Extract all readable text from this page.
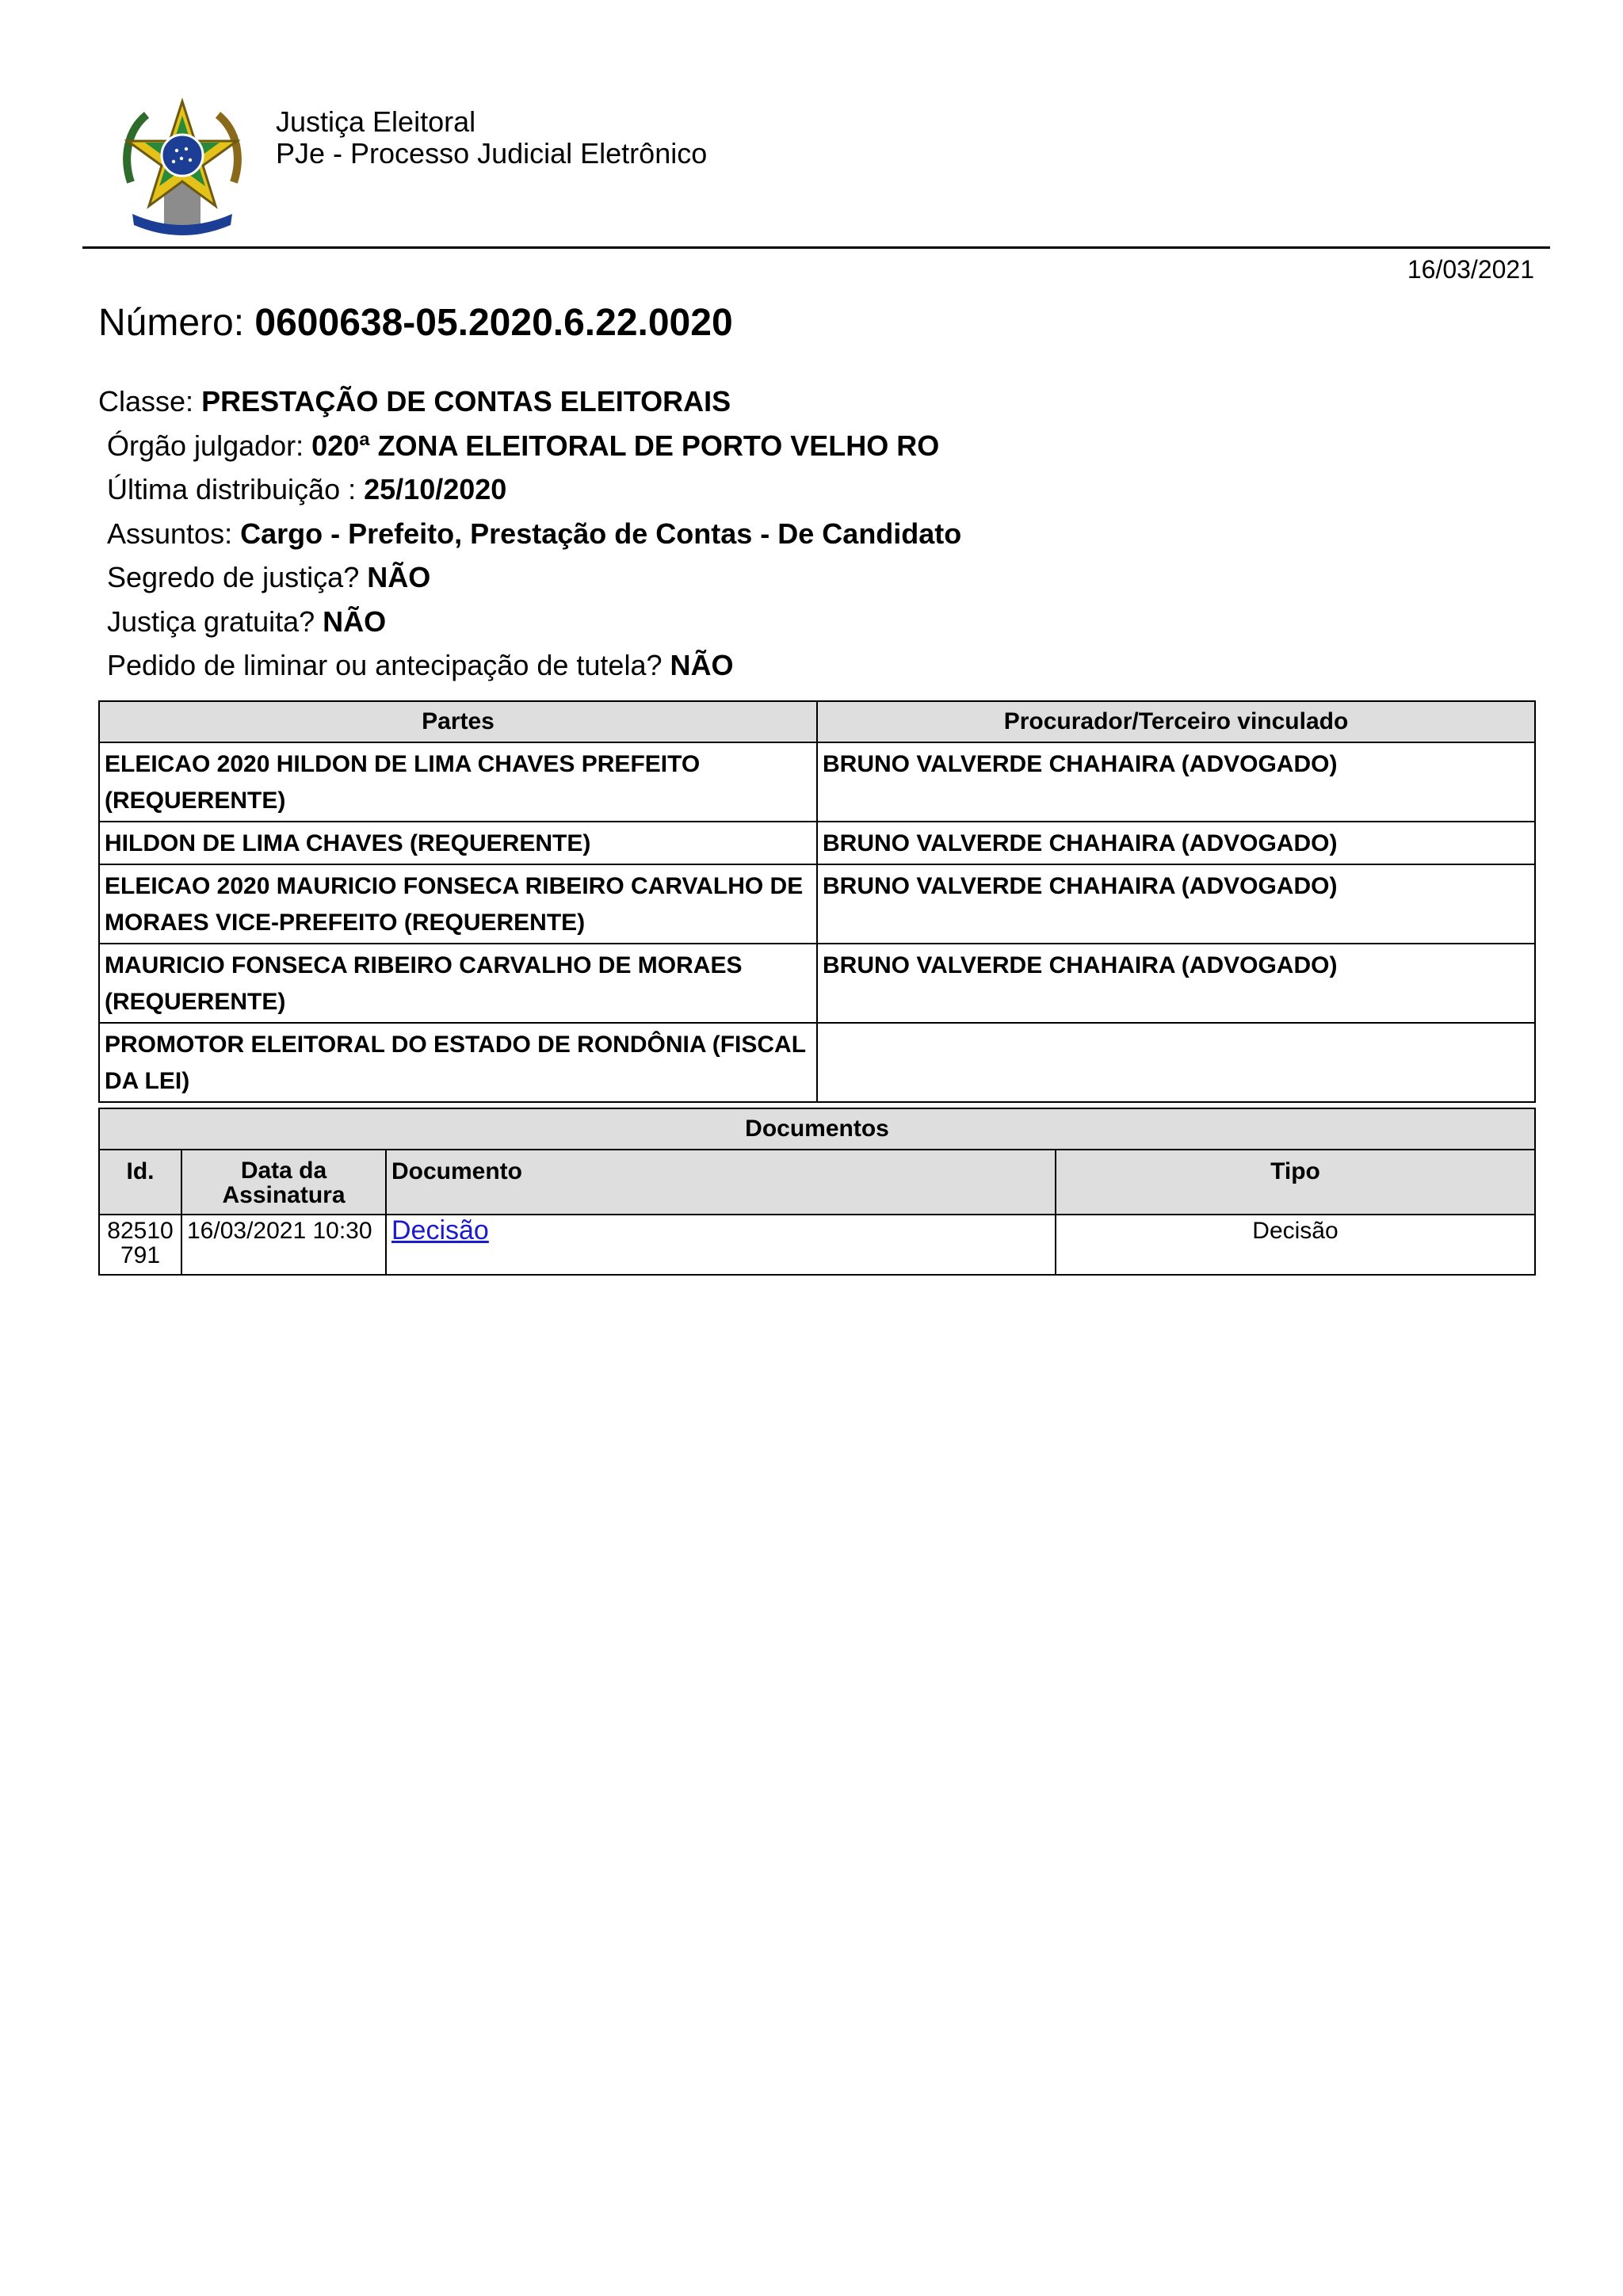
Justiça Eleitoral
PJe - Processo Judicial Eletrônico
16/03/2021
Número: 0600638-05.2020.6.22.0020
Classe: PRESTAÇÃO DE CONTAS ELEITORAIS
Órgão julgador: 020ª ZONA ELEITORAL DE PORTO VELHO RO
Última distribuição : 25/10/2020
Assuntos: Cargo - Prefeito, Prestação de Contas - De Candidato
Segredo de justiça? NÃO
Justiça gratuita? NÃO
Pedido de liminar ou antecipação de tutela? NÃO
Partes	Procurador/Terceiro vinculado
ELEICAO 2020 HILDON DE LIMA CHAVES PREFEITO (REQUERENTE)	BRUNO VALVERDE CHAHAIRA (ADVOGADO)
HILDON DE LIMA CHAVES (REQUERENTE)	BRUNO VALVERDE CHAHAIRA (ADVOGADO)
ELEICAO 2020 MAURICIO FONSECA RIBEIRO CARVALHO DE MORAES VICE-PREFEITO (REQUERENTE)	BRUNO VALVERDE CHAHAIRA (ADVOGADO)
MAURICIO FONSECA RIBEIRO CARVALHO DE MORAES (REQUERENTE)	BRUNO VALVERDE CHAHAIRA (ADVOGADO)
PROMOTOR ELEITORAL DO ESTADO DE RONDÔNIA (FISCAL DA LEI)	
Documentos			
Id.	Data da Assinatura	Documento	Tipo
82510 791	16/03/2021 10:30	Decisão	Decisão
